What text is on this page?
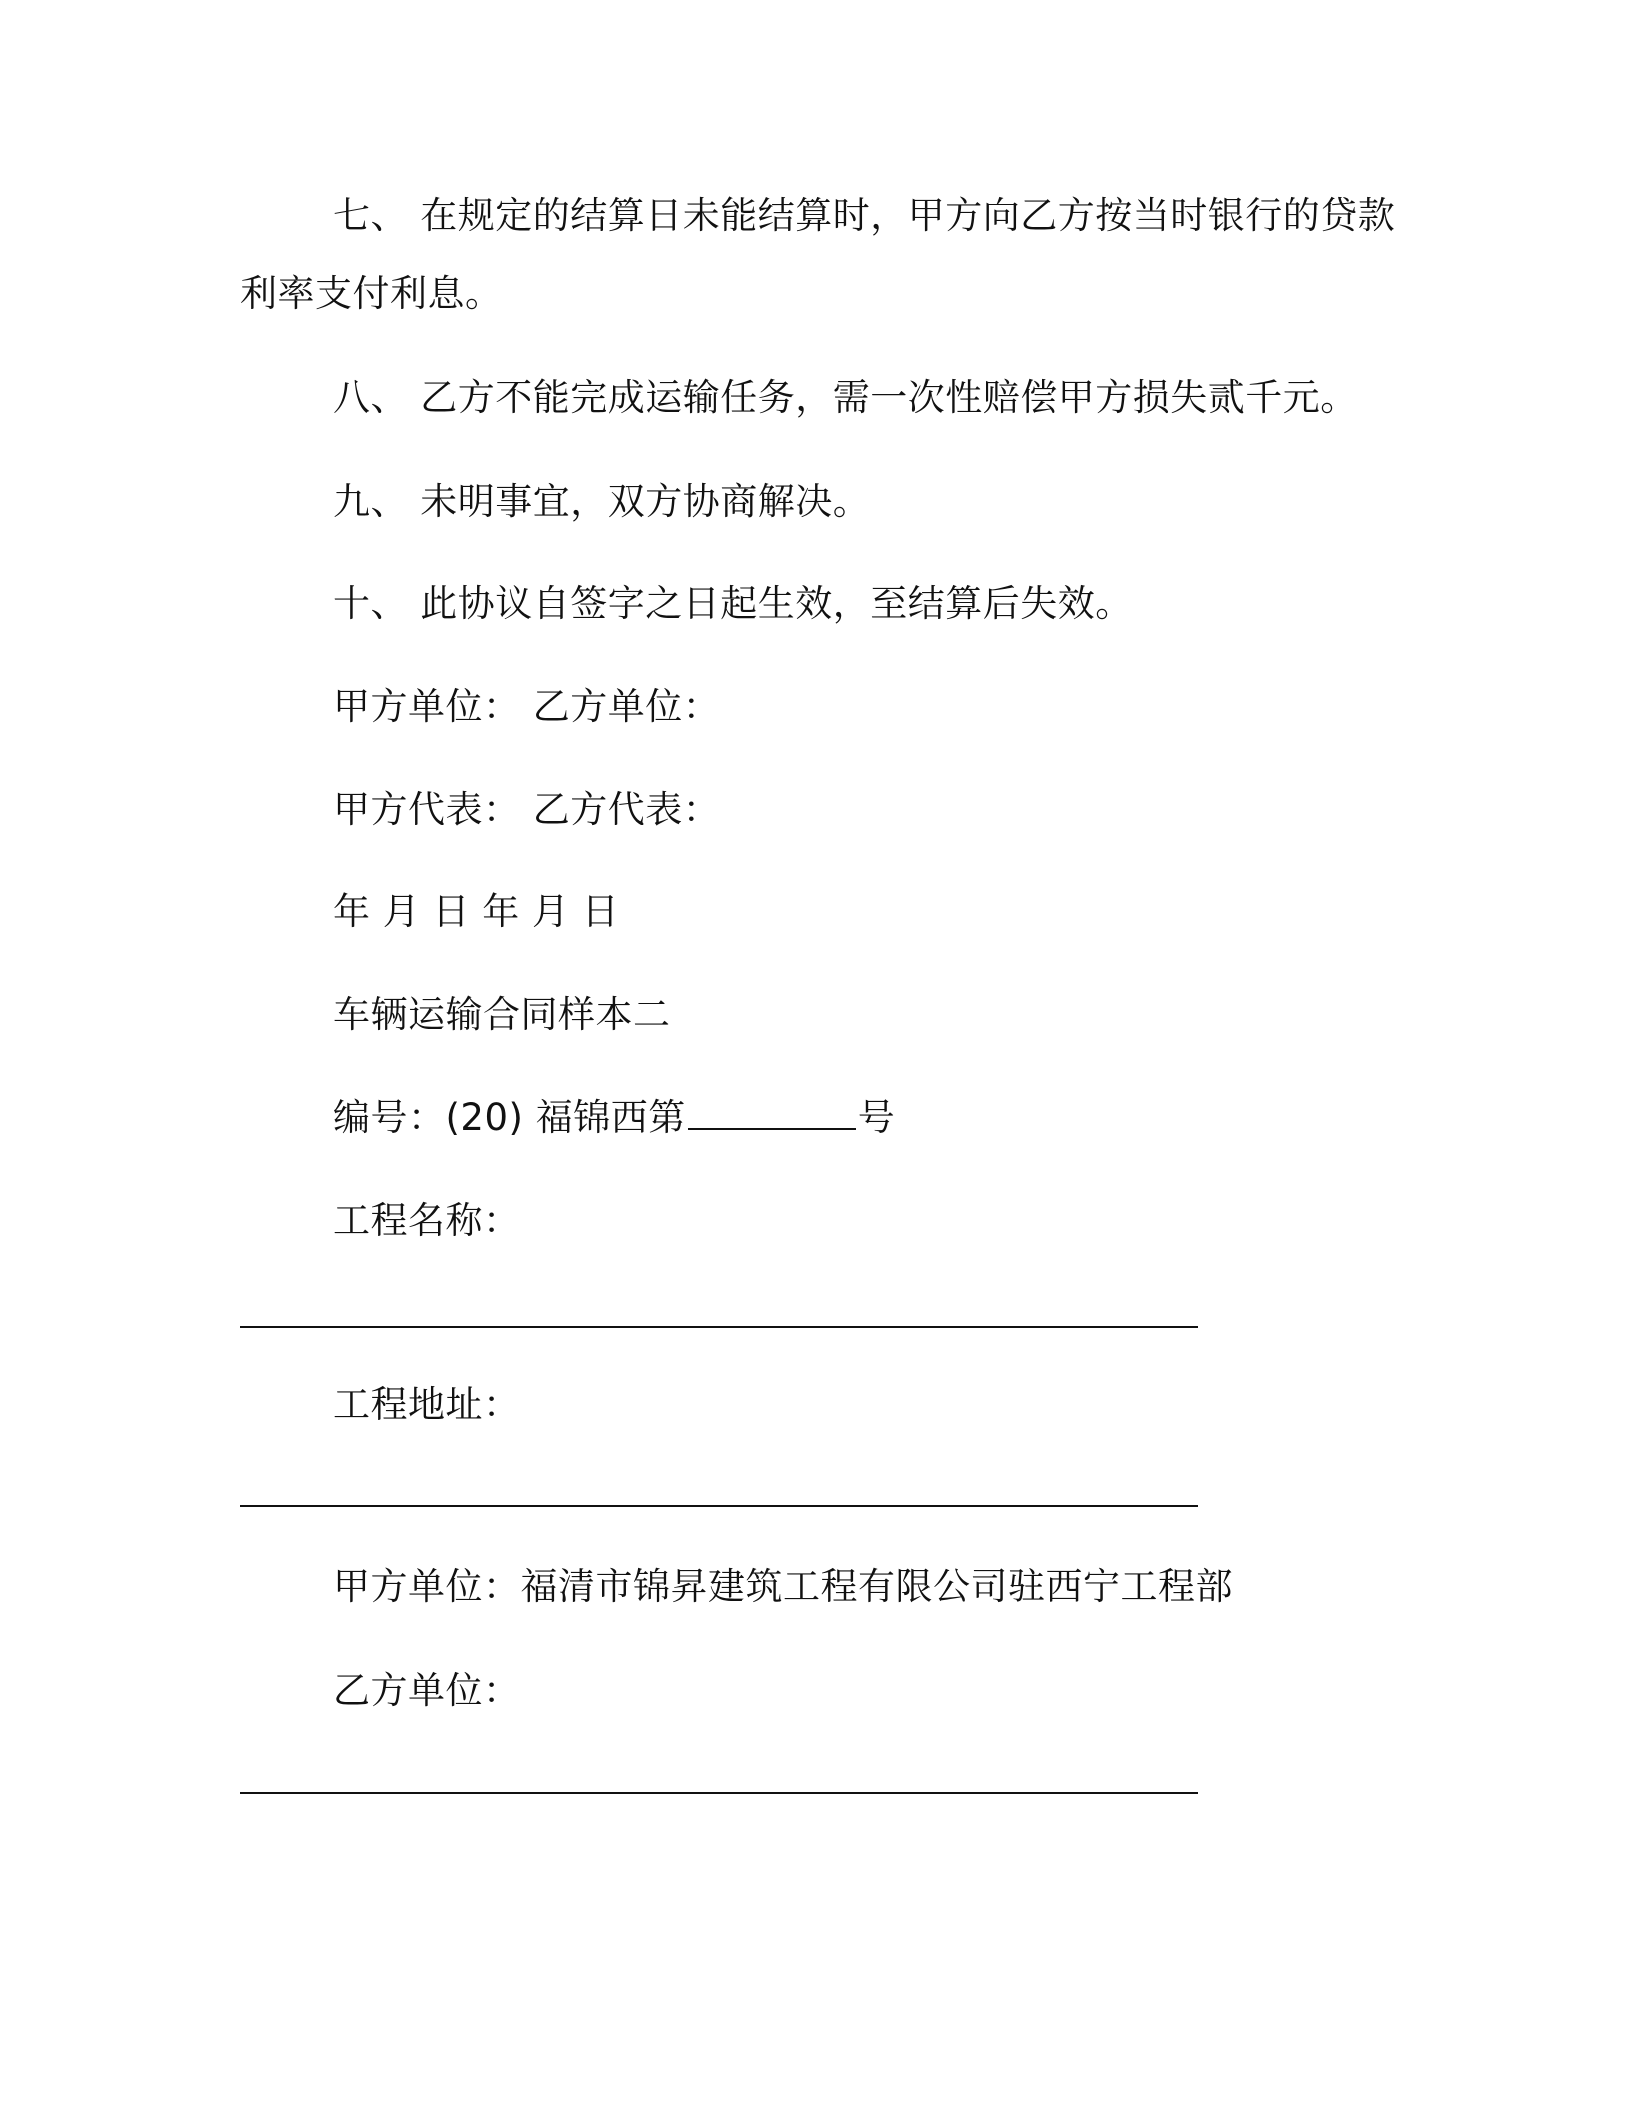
七、 在规定的结算日未能结算时，甲方向乙方按当时银行的贷款
利率支付利息。
八、 乙方不能完成运输任务，需一次性赔偿甲方损失贰千元。
九、 未明事宜，双方协商解决。
十、 此协议自签字之日起生效，至结算后失效。
甲方单位： 乙方单位：
甲方代表： 乙方代表：
年 月 日 年 月 日
车辆运输合同样本二
编号：(20) 福锦西第	号
工程名称：
工程地址：
甲方单位：福清市锦昇建筑工程有限公司驻西宁工程部
乙方单位：
